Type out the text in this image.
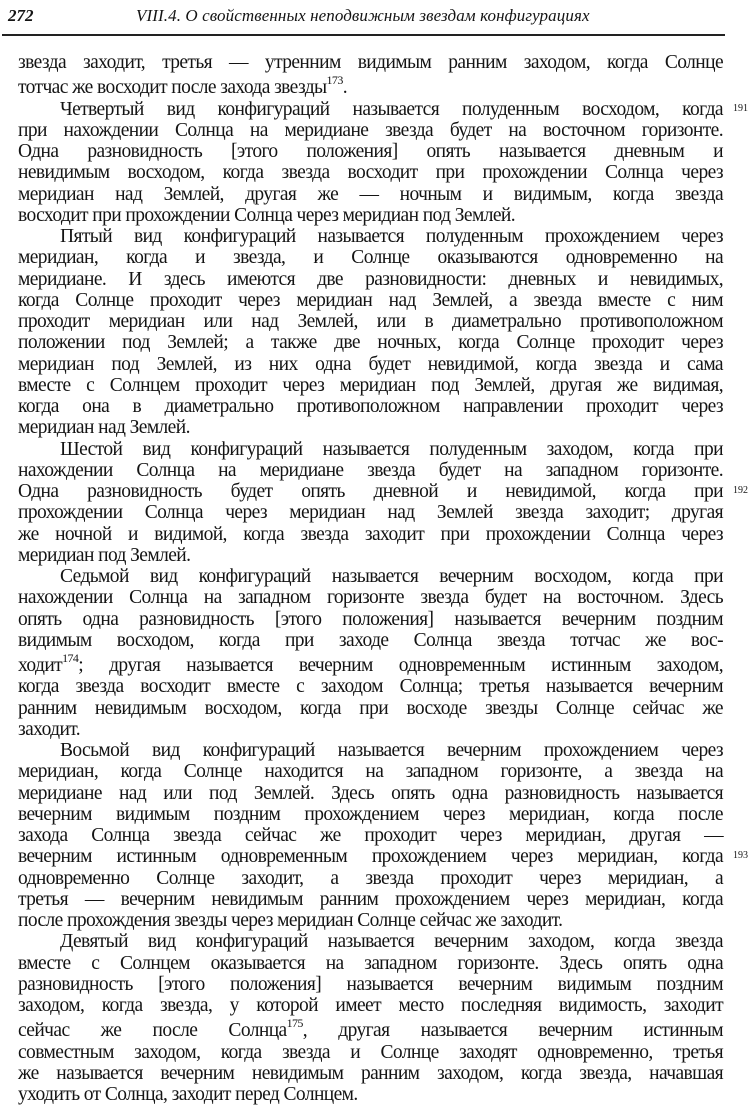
272	VIII.4. О свойственных неподвижным звездам конфигурациях
звезда заходит, третья — утренним видимым ранним заходом, когда Солнце
тотчас же восходит после захода звезды$^{173}$.
Четвертый вид конфигураций называется полуденным восходом, когда
при нахождении Солнца на меридиане звезда будет на восточном горизонте.
Одна разновидность [этого положения] опять называется дневным и
невидимым восходом, когда звезда восходит при прохождении Солнца через
меридиан над Землей, другая же — ночным и видимым, когда звезда
восходит при прохождении Солнца через меридиан под Землей.
Пятый вид конфигураций называется полуденным прохождением через
меридиан, когда и звезда, и Солнце оказываются одновременно на
меридиане. И здесь имеются две разновидности: дневных и невидимых,
когда Солнце проходит через меридиан над Землей, а звезда вместе с ним
проходит меридиан или над Землей, или в диаметрально противоположном
положении под Землей; а также две ночных, когда Солнце проходит через
меридиан под Землей, из них одна будет невидимой, когда звезда и сама
вместе с Солнцем проходит через меридиан под Землей, другая же видимая,
когда она в диаметрально противоположном направлении проходит через
меридиан над Землей.
Шестой вид конфигураций называется полуденным заходом, когда при
нахождении Солнца на меридиане звезда будет на западном горизонте.
Одна разновидность будет опять дневной и невидимой, когда при
прохождении Солнца через меридиан над Землей звезда заходит; другая
же ночной и видимой, когда звезда заходит при прохождении Солнца через
меридиан под Землей.
Седьмой вид конфигураций называется вечерним восходом, когда при
нахождении Солнца на западном горизонте звезда будет на восточном. Здесь
опять одна разновидность [этого положения] называется вечерним поздним
видимым восходом, когда при заходе Солнца звезда тотчас же вос-
ходит$^{174}$; другая называется вечерним одновременным истинным заходом,
когда звезда восходит вместе с заходом Солнца; третья называется вечерним
ранним невидимым восходом, когда при восходе звезды Солнце сейчас же
заходит.
Восьмой вид конфигураций называется вечерним прохождением через
меридиан, когда Солнце находится на западном горизонте, а звезда на
меридиане над или под Землей. Здесь опять одна разновидность называется
вечерним видимым поздним прохождением через меридиан, когда после
захода Солнца звезда сейчас же проходит через меридиан, другая —
вечерним истинным одновременным прохождением через меридиан, когда
одновременно Солнце заходит, а звезда проходит через меридиан, а
третья — вечерним невидимым ранним прохождением через меридиан, когда
после прохождения звезды через меридиан Солнце сейчас же заходит.
Девятый вид конфигураций называется вечерним заходом, когда звезда
вместе с Солнцем оказывается на западном горизонте. Здесь опять одна
разновидность [этого положения] называется вечерним видимым поздним
заходом, когда звезда, у которой имеет место последняя видимость, заходит
сейчас же после Солнца$^{175}$, другая называется вечерним истинным
совместным заходом, когда звезда и Солнце заходят одновременно, третья
же называется вечерним невидимым ранним заходом, когда звезда, начавшая
уходить от Солнца, заходит перед Солнцем.
191
192
193
